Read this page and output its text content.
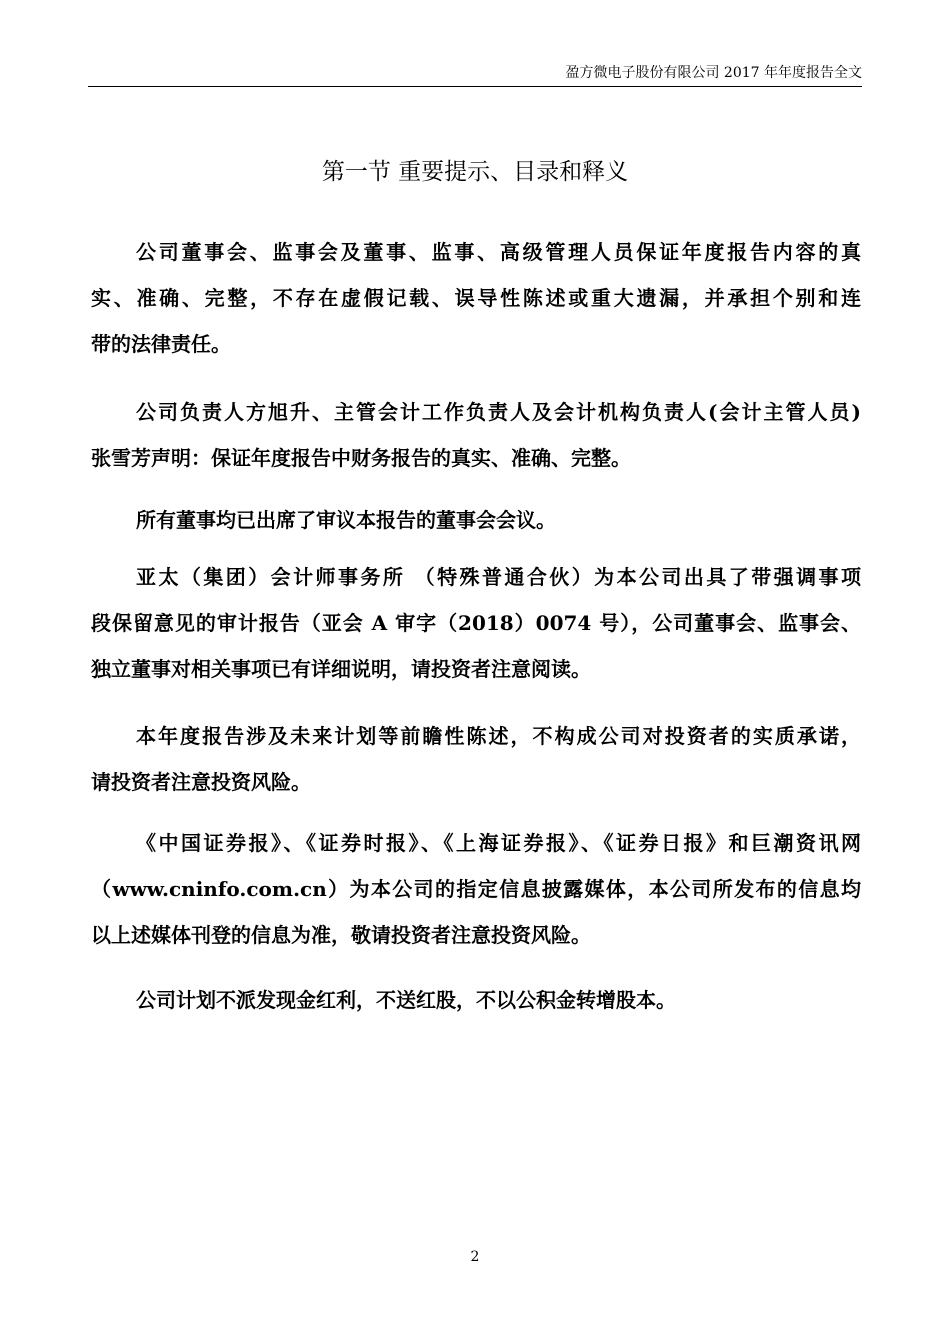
盈方微电子股份有限公司 2017 年年度报告全文
第一节 重要提示、目录和释义
公司董事会、监事会及董事、监事、高级管理人员保证年度报告内容的真
实、准确、完整，不存在虚假记载、误导性陈述或重大遗漏，并承担个别和连
带的法律责任。
公司负责人方旭升、主管会计工作负责人及会计机构负责人(会计主管人员)
张雪芳声明：保证年度报告中财务报告的真实、准确、完整。
所有董事均已出席了审议本报告的董事会会议。
亚太（集团）会计师事务所 （特殊普通合伙）为本公司出具了带强调事项
段保留意见的审计报告（亚会 A 审字（2018）0074 号），公司董事会、监事会、
独立董事对相关事项已有详细说明，请投资者注意阅读。
本年度报告涉及未来计划等前瞻性陈述，不构成公司对投资者的实质承诺，
请投资者注意投资风险。
《中国证券报》、《证券时报》、《上海证券报》、《证券日报》和巨潮资讯网
（www.cninfo.com.cn）为本公司的指定信息披露媒体，本公司所发布的信息均
以上述媒体刊登的信息为准，敬请投资者注意投资风险。
公司计划不派发现金红利，不送红股，不以公积金转增股本。
2
